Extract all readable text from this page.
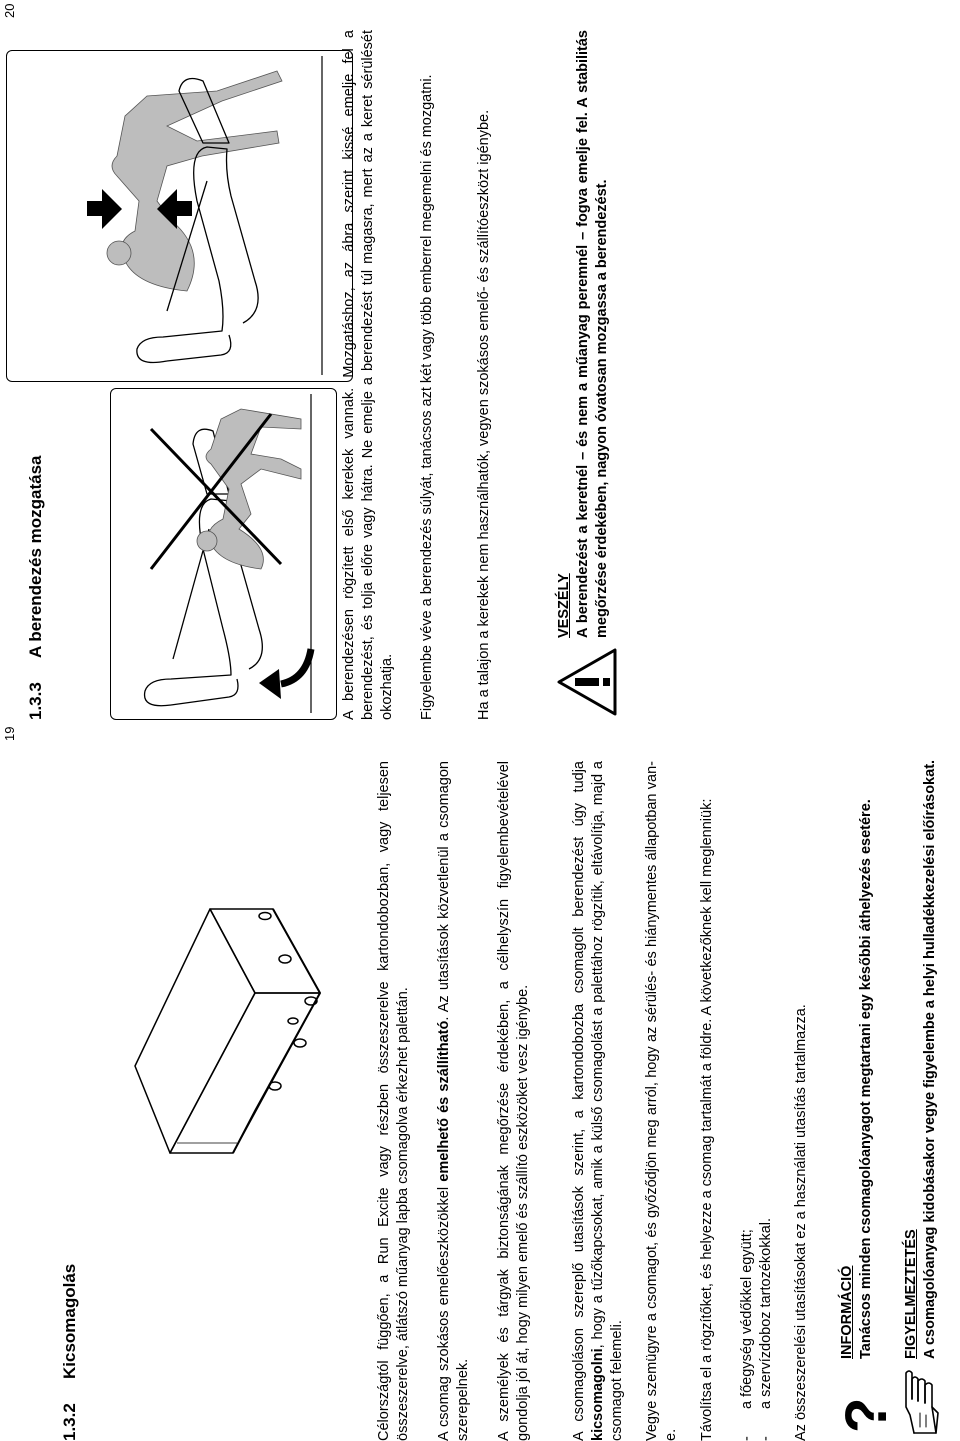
19
1.3.2Kicsomagolás	Célországtól függően, a Run Excite vagy részben összeszerelve kartondobozban, vagy teljesen összeszerelve, átlátszó műanyag lapba csomagolva érkezhet palettán. A csomag szokásos emelőeszközökkel emelhető és szállítható. Az utasítások közvetlenül a csomagon szerepelnek. A személyek és tárgyak biztonságának megőrzése érdekében, a célhelyszín figyelembevételével gondolja jól át, hogy milyen emelő és szállító eszközöket vesz igénybe.	A csomagoláson szereplő utasítások szerint, a kartondobozba csomagolt berendezést úgy tudja kicsomagolni, hogy a tűzőkapcsokat, amik a külső csomagolást a palettához rögzítik, eltávolítja, majd a csomagot felemeli. Vegye szemügyre a csomagot, és győződjön meg arról, hogy az sérülés- és hiánymentes állapotban van-e. Távolítsa el a rögzítőket, és helyezze a csomag tartalmát a földre. A következőknek kell meglenniük: -a főegység védőkkel együtt;

-a szervízdoboz tartozékokkal. Az összeszerelési utasításokat ez a használati utasítás tartalmazza. ?
INFORMÁCIÓ Tanácsos minden csomagolóanyagot megtartani egy későbbi áthelyezés esetére. FIGYELMEZTETÉS A csomagolóanyag kidobásakor vegye figyelembe a helyi hulladékkezelési előírásokat.
20
1.3.3A berendezés mozgatása	A berendezésen rögzített első kerekek vannak. Mozgatáshoz, az ábra szerint kissé emelje fel a berendezést, és tolja előre vagy hátra. Ne emelje a berendezést túl magasra, mert az a keret sérülését okozhatja. Figyelembe véve a berendezés súlyát, tanácsos azt két vagy több emberrel megemelni és mozgatni.	Ha a talajon a kerekek nem használhatók, vegyen szokásos emelő- és szállítóeszközt igénybe.	VESZÉLY A berendezést a keretnél – és nem a műanyag peremnél – fogva emelje fel. A stabilitás megőrzése érdekében, nagyon óvatosan mozgassa a berendezést.
